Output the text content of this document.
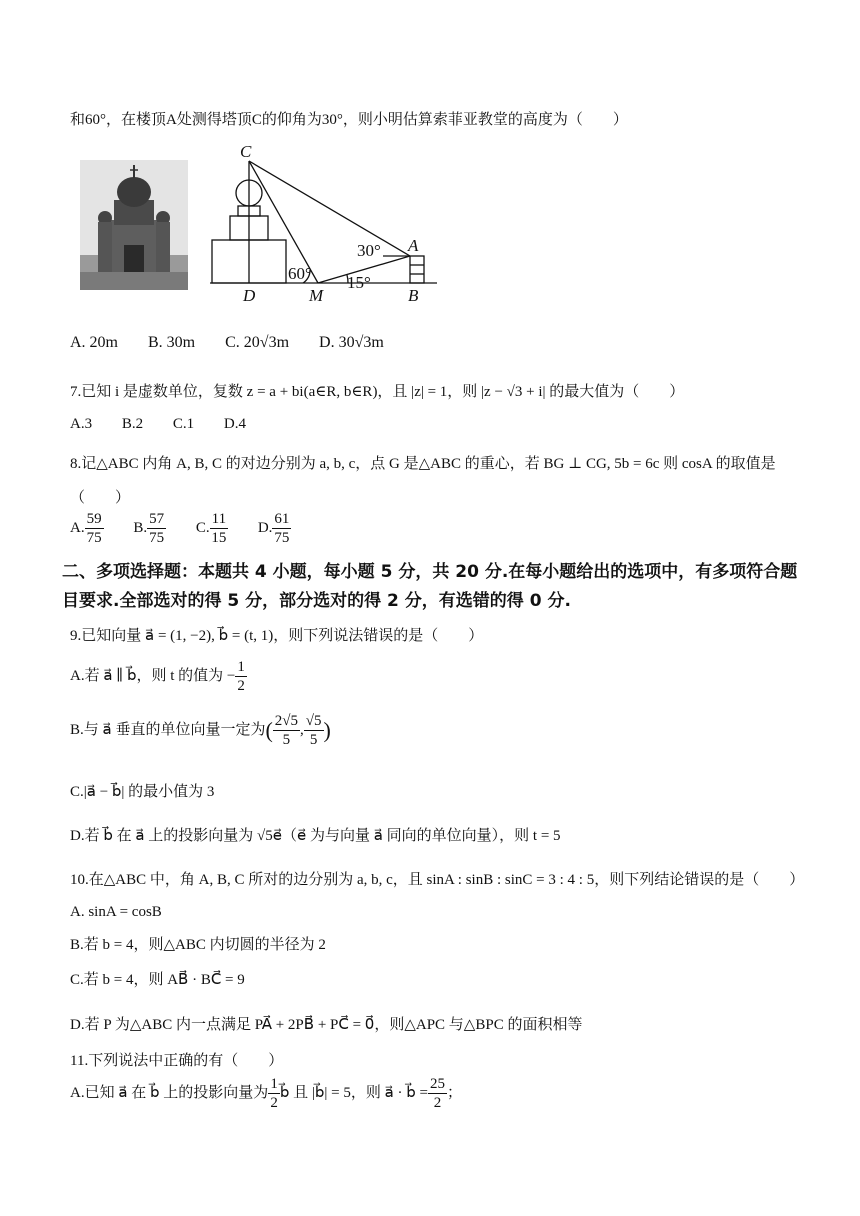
和60°，在楼顶A处测得塔顶C的仰角为30°，则小明估算索菲亚教堂的高度为（　　）
C
A
D	M	B
30°
60° 15°
A. 20m B. 30m C. 20√3m D. 30√3m
7.已知 i 是虚数单位，复数 z = a + bi(a∈R, b∈R)，且 |z| = 1，则 |z − √3 + i| 的最大值为（　　）
A.3 B.2 C.1 D.4
8.记△ABC 内角 A, B, C 的对边分别为 a, b, c，点 G 是△ABC 的重心，若 BG ⊥ CG, 5b = 6c 则 cosA 的取值是
（　　）
A. $\frac{59}{75} B$. $\frac{57}{75} C$. $\frac{11}{15} D$. $\frac{61}{75}$
二、多项选择题：本题共 4 小题，每小题 5 分，共 20 分.在每小题给出的选项中，有多项符合题
目要求.全部选对的得 5 分，部分选对的得 2 分，有选错的得 0 分.
9.已知向量 a⃗ = (1, −2), b⃗ = (t, 1)，则下列说法错误的是（　　）
A.若 a⃗ ∥ b⃗，则 t 的值为 − $\frac{1}{2}$
B.与 a⃗ 垂直的单位向量一定为( $\frac{2√5}{5}$ , $\frac{√5}{5}$ )
C.|a⃗ − b⃗| 的最小值为 3
D.若 b⃗ 在 a⃗ 上的投影向量为 √5e⃗（e⃗ 为与向量 a⃗ 同向的单位向量），则 t = 5
10.在△ABC 中，角 A, B, C 所对的边分别为 a, b, c，且 sinA : sinB : sinC = 3 : 4 : 5，则下列结论错误的是（　　）
A. sinA = cosB
B.若 b = 4，则△ABC 内切圆的半径为 2
C.若 b = 4，则 AB⃗ · BC⃗ = 9
D.若 P 为△ABC 内一点满足 PA⃗ + 2PB⃗ + PC⃗ = 0⃗，则△APC 与△BPC 的面积相等
11.下列说法中正确的有（　　）
A.已知 a⃗ 在 b⃗ 上的投影向量为 $\frac{1}{2}$ b⃗ 且 |b⃗| = 5，则 a⃗ · b⃗ = $\frac{25}{2}$ ；
